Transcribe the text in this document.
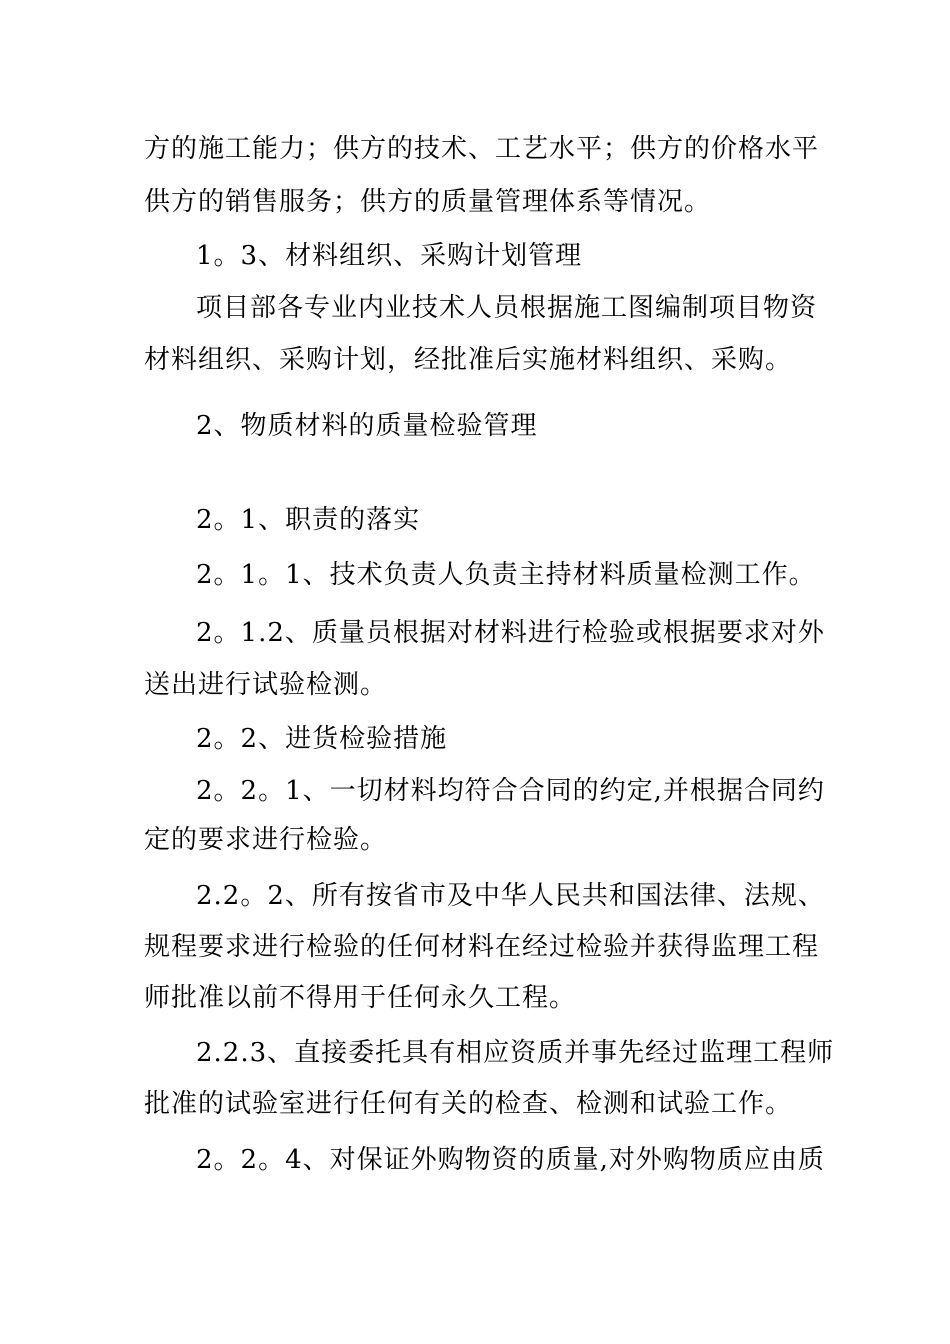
方的施工能力；供方的技术、工艺水平；供方的价格水平
供方的销售服务；供方的质量管理体系等情况。
1。3、材料组织、采购计划管理
项目部各专业内业技术人员根据施工图编制项目物资
材料组织、采购计划，经批准后实施材料组织、采购。
2、物质材料的质量检验管理
2。1、职责的落实
2。1。1、技术负责人负责主持材料质量检测工作。
2。1.2、质量员根据对材料进行检验或根据要求对外
送出进行试验检测。
2。2、进货检验措施
2。2。1、一切材料均符合合同的约定,并根据合同约
定的要求进行检验。
2.2。2、所有按省市及中华人民共和国法律、法规、
规程要求进行检验的任何材料在经过检验并获得监理工程
师批准以前不得用于任何永久工程。
2.2.3、直接委托具有相应资质并事先经过监理工程师
批准的试验室进行任何有关的检查、检测和试验工作。
2。2。4、对保证外购物资的质量,对外购物质应由质
